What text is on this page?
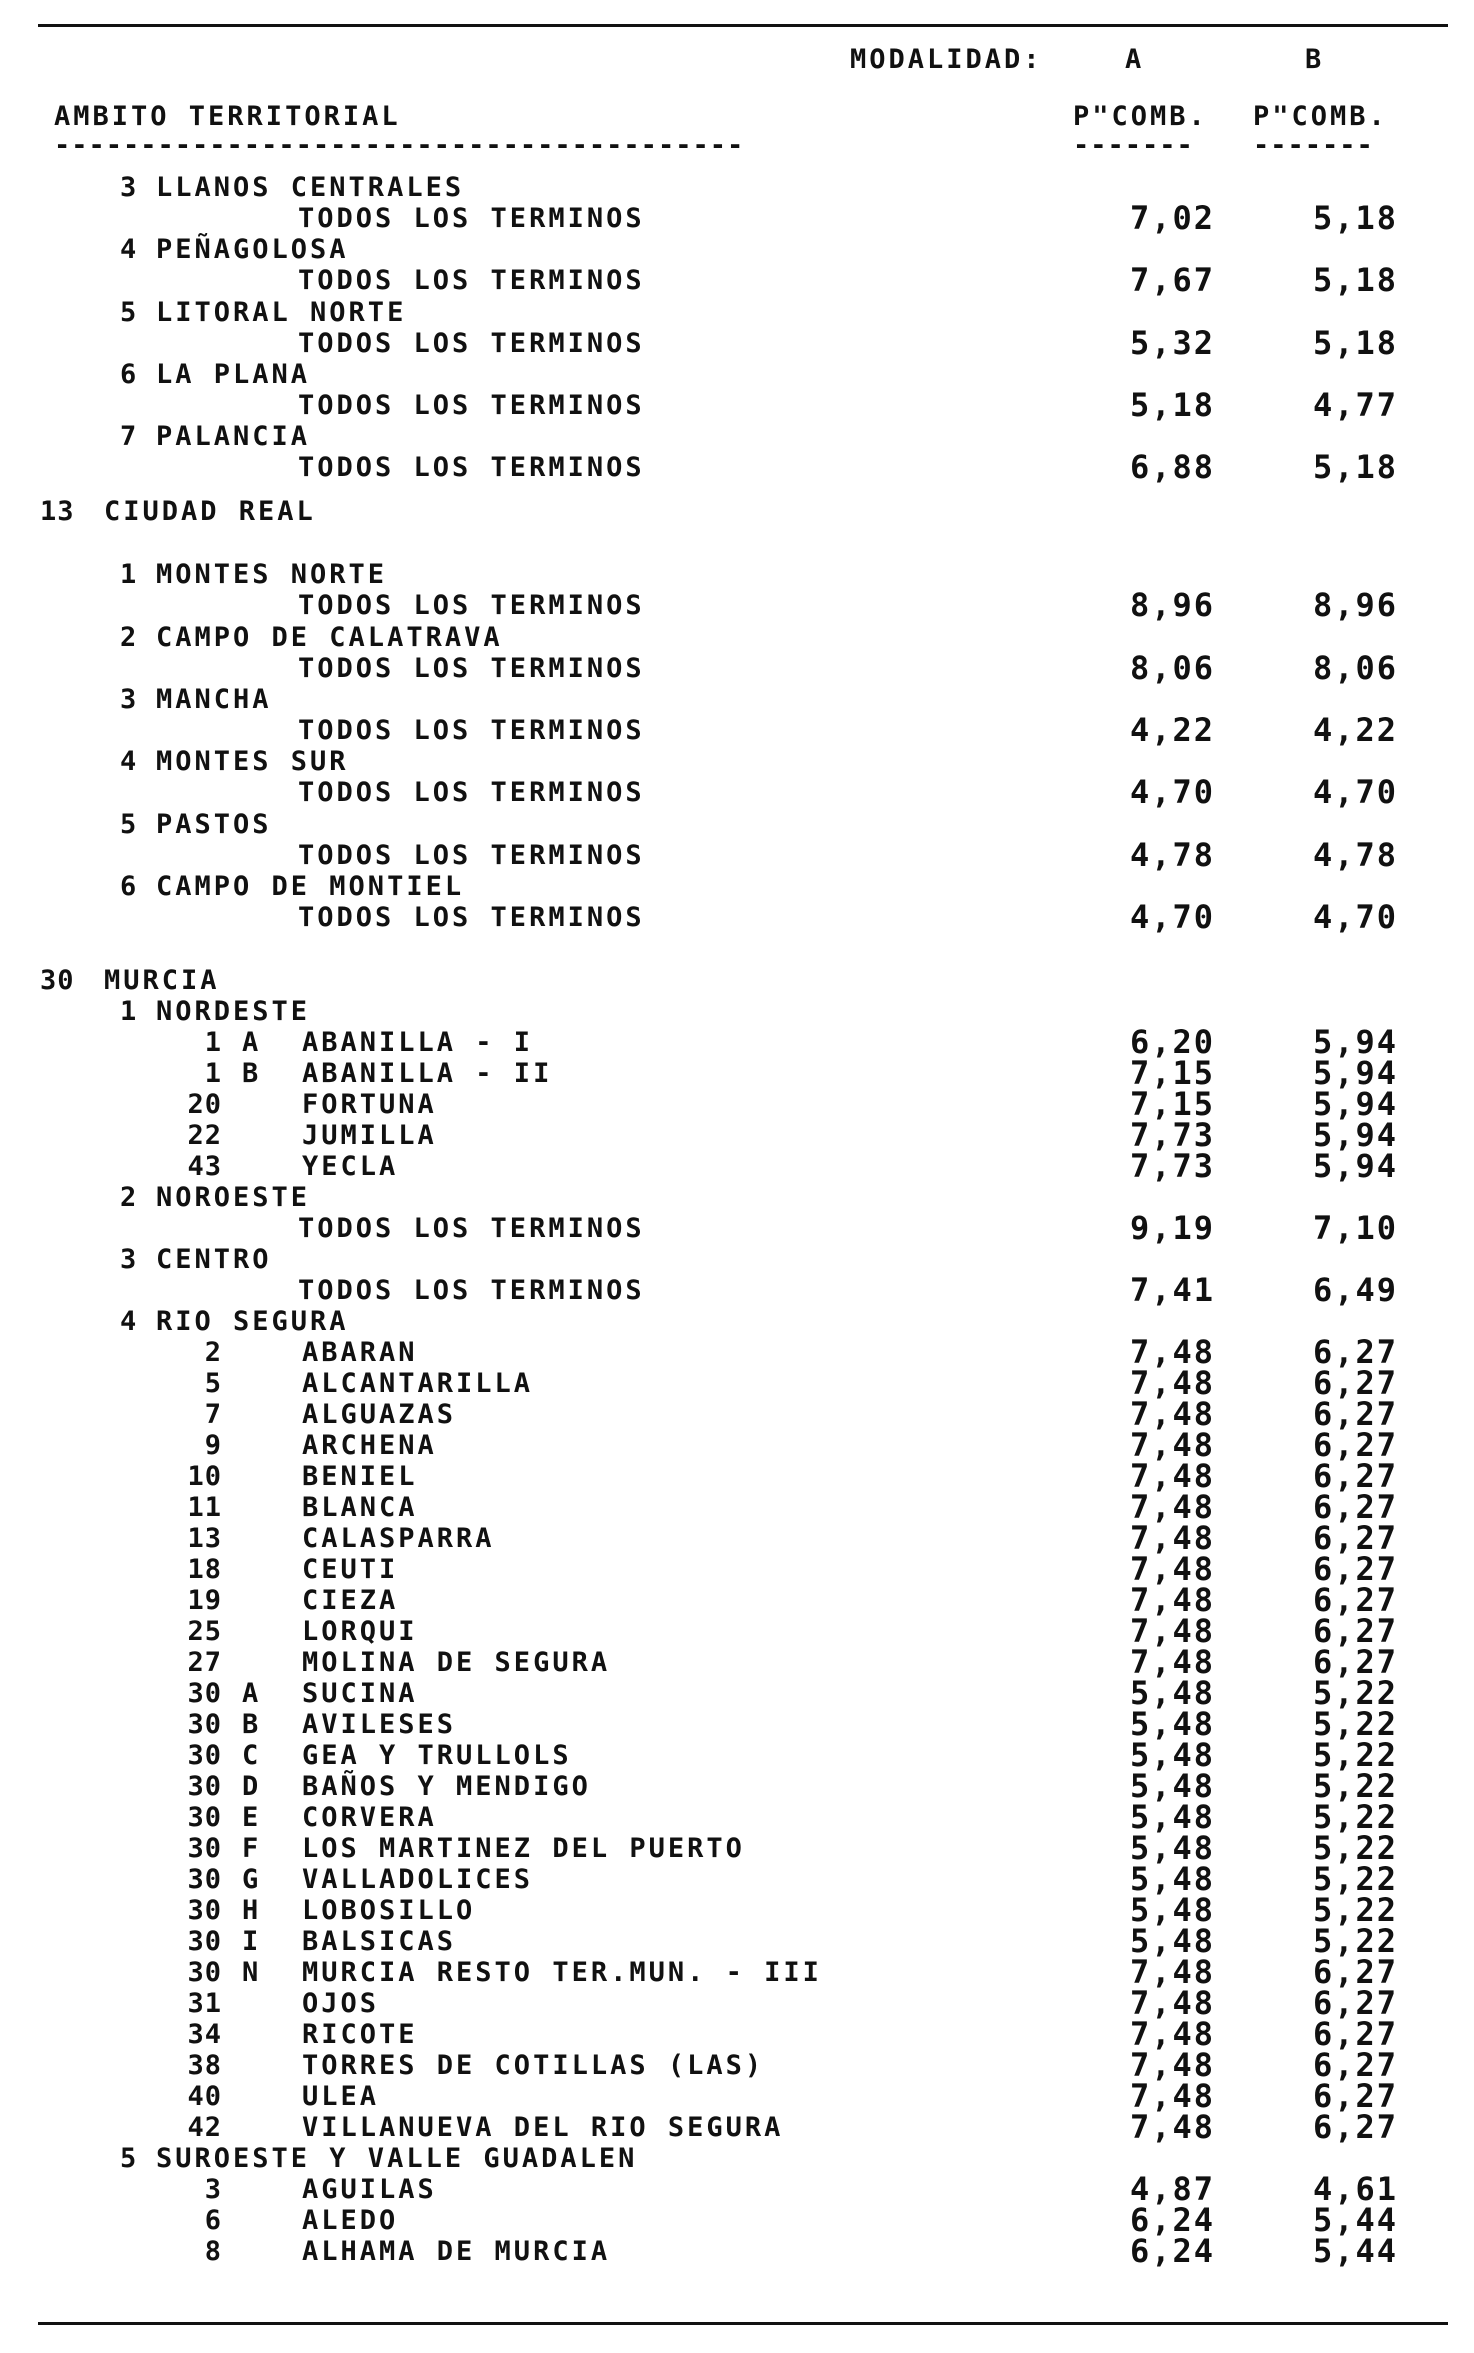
MODALIDAD:	A	B
AMBITO TERRITORIAL	P"COMB. P"COMB.
----------------------------------------	-------	-------
3 LLANOS CENTRALES
TODOS LOS TERMINOS	7,02	5,18
4 PEÑAGOLOSA
TODOS LOS TERMINOS	7,67	5,18
5 LITORAL NORTE
TODOS LOS TERMINOS	5,32	5,18
6 LA PLANA
TODOS LOS TERMINOS	5,18	4,77
7 PALANCIA
TODOS LOS TERMINOS	6,88	5,18
13 CIUDAD REAL
1 MONTES NORTE
TODOS LOS TERMINOS	8,96	8,96
2 CAMPO DE CALATRAVA
TODOS LOS TERMINOS	8,06	8,06
3 MANCHA
TODOS LOS TERMINOS	4,22	4,22
4 MONTES SUR
TODOS LOS TERMINOS	4,70	4,70
5 PASTOS
TODOS LOS TERMINOS	4,78	4,78
6 CAMPO DE MONTIEL
TODOS LOS TERMINOS	4,70	4,70
30 MURCIA
1 NORDESTE
1 A ABANILLA - I	6,20	5,94
1 B ABANILLA - II	7,15	5,94
20	FORTUNA	7,15	5,94
22	JUMILLA	7,73	5,94
43	YECLA	7,73	5,94
2 NOROESTE
TODOS LOS TERMINOS	9,19	7,10
3 CENTRO
TODOS LOS TERMINOS	7,41	6,49
4 RIO SEGURA
2	ABARAN	7,48	6,27
5	ALCANTARILLA	7,48	6,27
7	ALGUAZAS	7,48	6,27
9	ARCHENA	7,48	6,27
10	BENIEL	7,48	6,27
11	BLANCA	7,48	6,27
13	CALASPARRA	7,48	6,27
18	CEUTI	7,48	6,27
19	CIEZA	7,48	6,27
25	LORQUI	7,48	6,27
27	MOLINA DE SEGURA	7,48	6,27
30 A SUCINA	5,48	5,22
30 B AVILESES	5,48	5,22
30 C GEA Y TRULLOLS	5,48	5,22
30 D BAÑOS Y MENDIGO	5,48	5,22
30 E CORVERA	5,48	5,22
30 F LOS MARTINEZ DEL PUERTO	5,48	5,22
30 G VALLADOLICES	5,48	5,22
30 H LOBOSILLO	5,48	5,22
30 I BALSICAS	5,48	5,22
30 N MURCIA RESTO TER.MUN. - III	7,48	6,27
31	OJOS	7,48	6,27
34	RICOTE	7,48	6,27
38	TORRES DE COTILLAS (LAS)	7,48	6,27
40	ULEA	7,48	6,27
42	VILLANUEVA DEL RIO SEGURA	7,48	6,27
5 SUROESTE Y VALLE GUADALEN
3	AGUILAS	4,87	4,61
6	ALEDO	6,24	5,44
8	ALHAMA DE MURCIA	6,24	5,44
